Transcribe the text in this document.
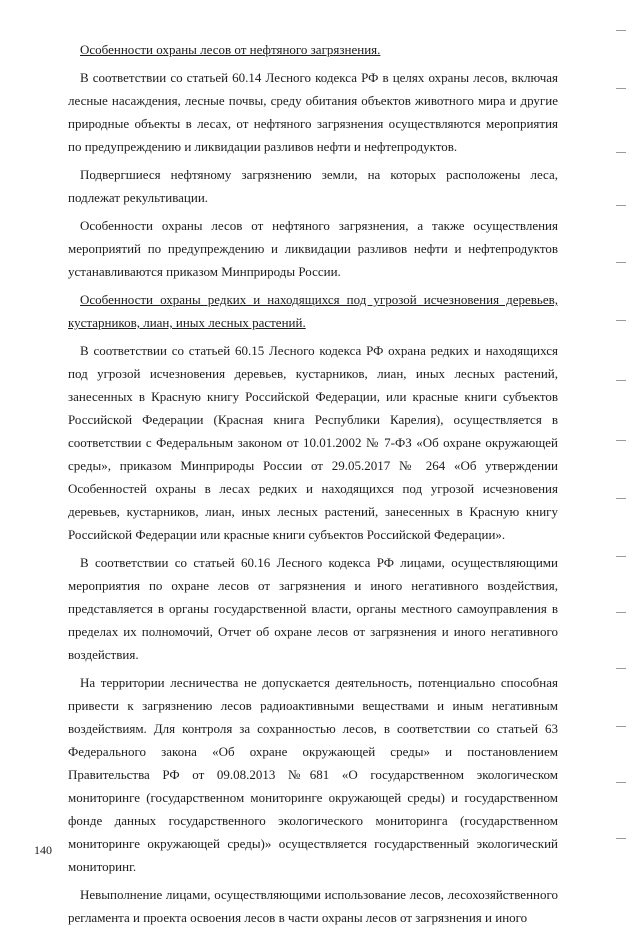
Особенности охраны лесов от нефтяного загрязнения.

В соответствии со статьей 60.14 Лесного кодекса РФ в целях охраны лесов, включая лесные насаждения, лесные почвы, среду обитания объектов животного мира и другие природные объекты в лесах, от нефтяного загрязнения осуществляются мероприятия по предупреждению и ликвидации разливов нефти и нефтепродуктов.

Подвергшиеся нефтяному загрязнению земли, на которых расположены леса, подлежат рекультивации.

Особенности охраны лесов от нефтяного загрязнения, а также осуществления мероприятий по предупреждению и ликвидации разливов нефти и нефтепродуктов устанавливаются приказом Минприроды России.

Особенности охраны редких и находящихся под угрозой исчезновения деревьев, кустарников, лиан, иных лесных растений.

В соответствии со статьей 60.15 Лесного кодекса РФ охрана редких и находящихся под угрозой исчезновения деревьев, кустарников, лиан, иных лесных растений, занесенных в Красную книгу Российской Федерации, или красные книги субъектов Российской Федерации (Красная книга Республики Карелия), осуществляется в соответствии с Федеральным законом от 10.01.2002 № 7-ФЗ «Об охране окружающей среды», приказом Минприроды России от 29.05.2017 № 264 «Об утверждении Особенностей охраны в лесах редких и находящихся под угрозой исчезновения деревьев, кустарников, лиан, иных лесных растений, занесенных в Красную книгу Российской Федерации или красные книги субъектов Российской Федерации».

В соответствии со статьей 60.16 Лесного кодекса РФ лицами, осуществляющими мероприятия по охране лесов от загрязнения и иного негативного воздействия, представляется в органы государственной власти, органы местного самоуправления в пределах их полномочий, Отчет об охране лесов от загрязнения и иного негативного воздействия.

На территории лесничества не допускается деятельность, потенциально способная привести к загрязнению лесов радиоактивными веществами и иным негативным воздействиям. Для контроля за сохранностью лесов, в соответствии со статьей 63 Федерального закона «Об охране окружающей среды» и постановлением Правительства РФ от 09.08.2013 №681 «О государственном экологическом мониторинге (государственном мониторинге окружающей среды) и государственном фонде данных государственного экологического мониторинга (государственном мониторинге окружающей среды)» осуществляется государственный экологический мониторинг.

Невыполнение лицами, осуществляющими использование лесов, лесохозяйственного регламента и проекта освоения лесов в части охраны лесов от загрязнения и иного

140
